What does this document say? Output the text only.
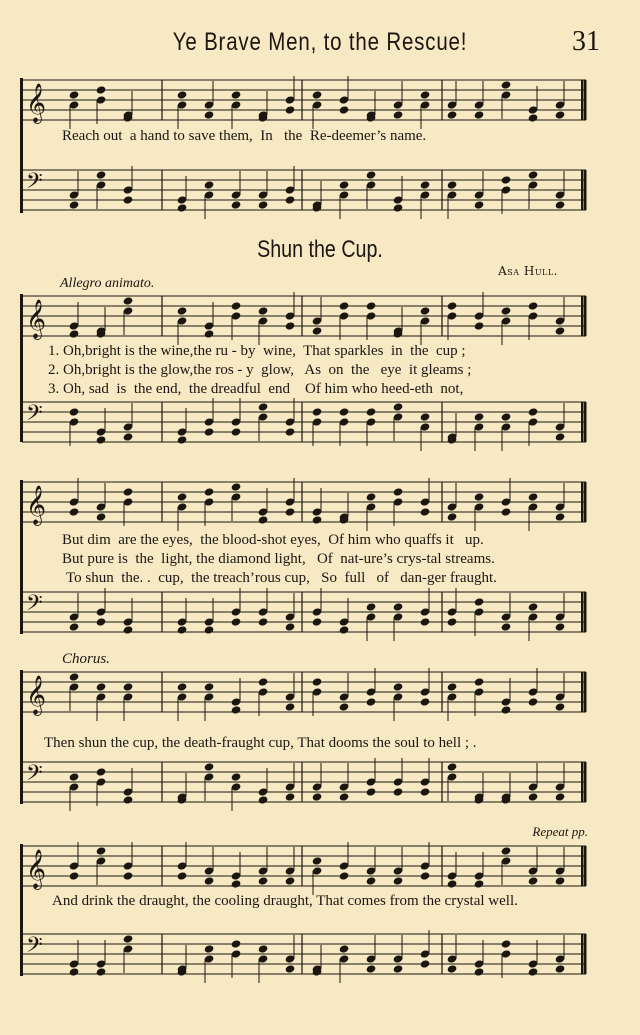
Ye Brave Men, to the Rescue!	31
𝄞
Reach out  a hand to save them,  In   the  Re-deemer’s name.
𝄢
Shun the Cup.
Asa Hull.
Allegro animato.
𝄞
1. Oh,bright is the wine,the ru - by  wine,  That sparkles  in  the  cup ;
2. Oh,bright is the glow,the ros - y  glow,   As  on  the   eye  it gleams ;
3. Oh, sad  is  the end,  the dreadful  end    Of him who heed-eth  not,
𝄢
𝄞
But dim  are the eyes,  the blood-shot eyes,  Of him who quaffs it   up.
But pure is  the  light, the diamond light,   Of  nat-ure’s crys-tal streams.
To shun  the. .  cup,  the treach’rous cup,   So  full   of   dan-ger fraught.
𝄢
Chorus.
𝄞
Then shun the cup, the death-fraught cup, That dooms the soul to hell ; .
𝄢
Repeat pp.
𝄞
And drink the draught, the cooling draught, That comes from the crystal well.
𝄢
